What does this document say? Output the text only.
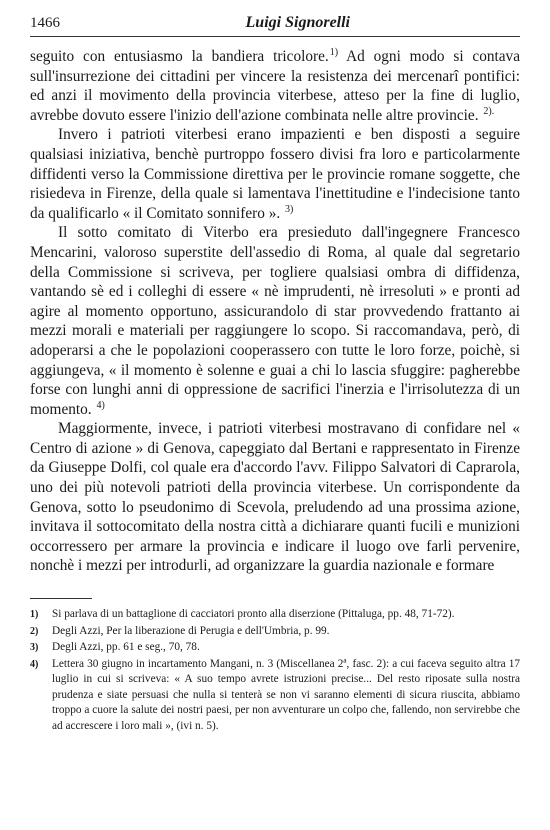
1466	Luigi Signorelli

seguito con entusiasmo la bandiera tricolore.$^{1)}$ Ad ogni modo si contava sull'insurrezione dei cittadini per vincere la resistenza dei mercenarî pontifici: ed anzi il movimento della provincia viterbese, atteso per la fine di luglio, avrebbe dovuto essere l'inizio dell'azione combinata nelle altre provincie. $^{2).}$

Invero i patrioti viterbesi erano impazienti e ben disposti a seguire qualsiasi iniziativa, benchè purtroppo fossero divisi fra loro e particolarmente diffidenti verso la Commissione direttiva per le provincie romane soggette, che risiedeva in Firenze, della quale si lamentava l'inettitudine e l'indecisione tanto da qualificarlo « il Comitato sonnifero ». $^{3)}$

Il sotto comitato di Viterbo era presieduto dall'ingegnere Francesco Mencarini, valoroso superstite dell'assedio di Roma, al quale dal segretario della Commissione si scriveva, per togliere qualsiasi ombra di diffidenza, vantando sè ed i colleghi di essere « nè imprudenti, nè irresoluti » e pronti ad agire al momento opportuno, assicurandolo di star provvedendo frattanto ai mezzi morali e materiali per raggiungere lo scopo. Si raccomandava, però, di adoperarsi a che le popolazioni cooperassero con tutte le loro forze, poichè, si aggiungeva, « il momento è solenne e guai a chi lo lascia sfuggire: pagherebbe forse con lunghi anni di oppressione de sacrifici l'inerzia e l'irrisolutezza di un momento. $^{4)}$

Maggiormente, invece, i patrioti viterbesi mostravano di confidare nel « Centro di azione » di Genova, capeggiato dal Bertani e rappresentato in Firenze da Giuseppe Dolfi, col quale era d'accordo l'avv. Filippo Salvatori di Caprarola, uno dei più notevoli patrioti della provincia viterbese. Un corrispondente da Genova, sotto lo pseudonimo di Scevola, preludendo ad una prossima azione, invitava il sottocomitato della nostra città a dichiarare quanti fucili e munizioni occorressero per armare la provincia e indicare il luogo ove farli pervenire, nonchè i mezzi per introdurli, ad organizzare la guardia nazionale e formare

1) Si parlava di un battaglione di cacciatori pronto alla diserzione (Pittaluga, pp. 48, 71-72).

2) Degli Azzi, Per la liberazione di Perugia e dell'Umbria, p. 99.

3) Degli Azzi, pp. 61 e seg., 70, 78.

4) Lettera 30 giugno in incartamento Mangani, n. 3 (Miscellanea 2ª, fasc. 2): a cui faceva seguito altra 17 luglio in cui si scriveva: « A suo tempo avrete istruzioni precise... Del resto riposate sulla nostra prudenza e siate persuasi che nulla si tenterà se non vi saranno elementi di sicura riuscita, abbiamo troppo a cuore la salute dei nostri paesi, per non avventurare un colpo che, fallendo, non servirebbe che ad accrescere i loro mali », (ivi n. 5).
